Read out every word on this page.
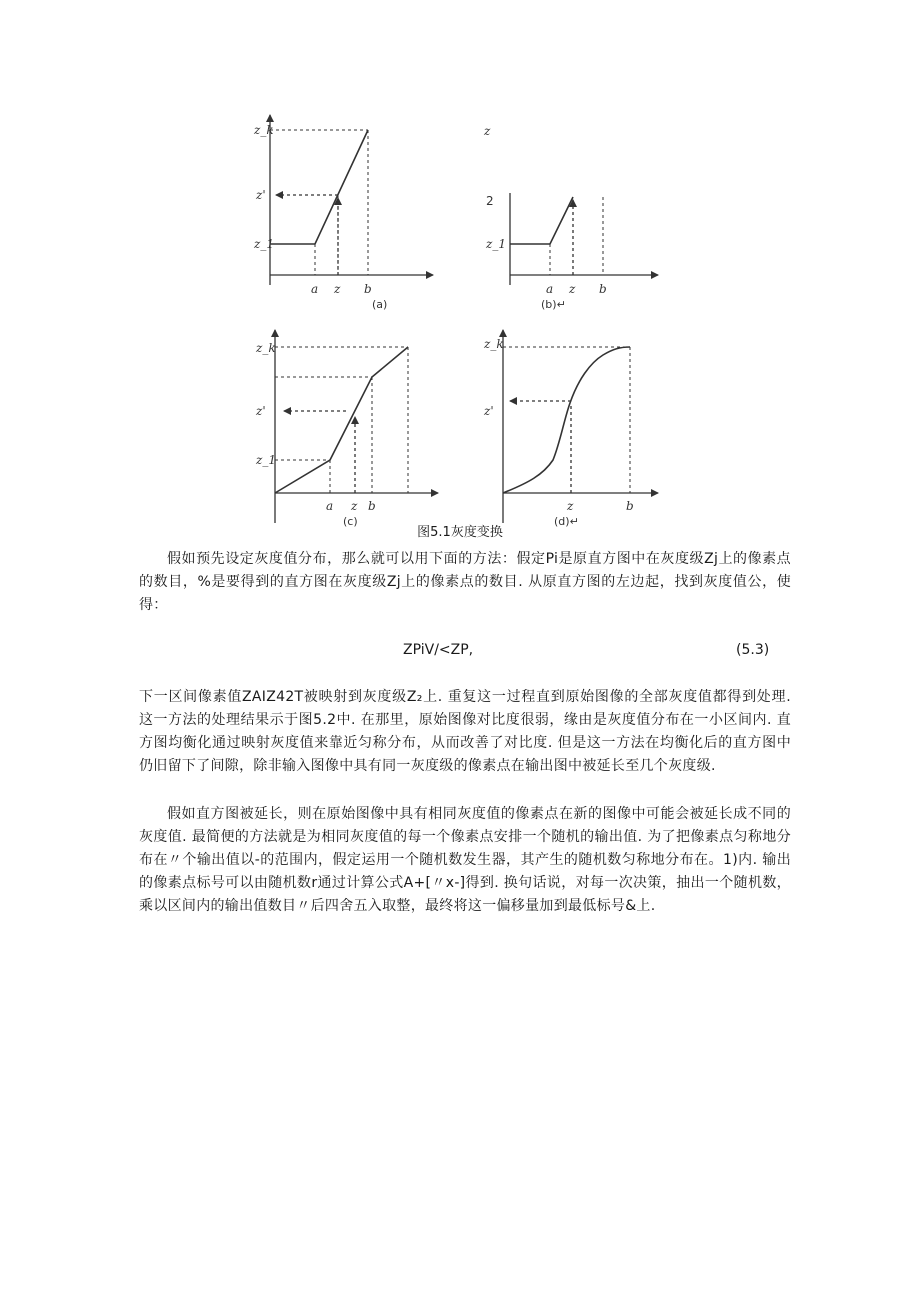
z_k
z'
z_1
a z b
(a)
z
2
z_1
a z b
(b)↵
z_k
z'
z_1
a z b
(c)
z_k
z'
z	b
(d)↵
图5.1灰度变换

假如预先设定灰度值分布，那么就可以用下面的方法：假定Pi是原直方图中在灰度级Zj上的像素点的数目，%是要得到的直方图在灰度级Zj上的像素点的数目. 从原直方图的左边起，找到灰度值公，使得：

ZPiV/<ZP,	(5.3)

下一区间像素值ZAIZ42T被映射到灰度级Z₂上. 重复这一过程直到原始图像的全部灰度值都得到处理. 这一方法的处理结果示于图5.2中. 在那里，原始图像对比度很弱，缘由是灰度值分布在一小区间内. 直方图均衡化通过映射灰度值来靠近匀称分布，从而改善了对比度. 但是这一方法在均衡化后的直方图中仍旧留下了间隙，除非输入图像中具有同一灰度级的像素点在输出图中被延长至几个灰度级.

假如直方图被延长，则在原始图像中具有相同灰度值的像素点在新的图像中可能会被延长成不同的灰度值. 最简便的方法就是为相同灰度值的每一个像素点安排一个随机的输出值. 为了把像素点匀称地分布在〃个输出值以-的范围内，假定运用一个随机数发生器，其产生的随机数匀称地分布在。1)内. 输出的像素点标号可以由随机数r通过计算公式A+[〃x-]得到. 换句话说，对每一次决策，抽出一个随机数，乘以区间内的输出值数目〃后四舍五入取整，最终将这一偏移量加到最低标号&上.
